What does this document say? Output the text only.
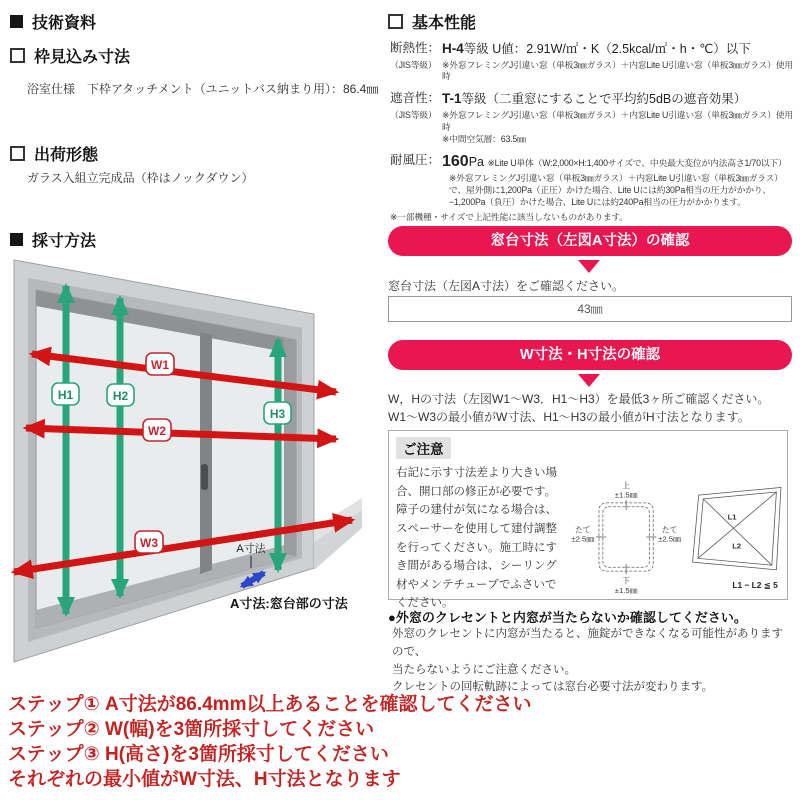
技術資料
枠見込み寸法
浴室仕様　下枠アタッチメント（ユニットバス納まり用）：86.4㎜
出荷形態
ガラス入組立完成品（枠はノックダウン）
採寸方法
H1	H2
H3
W1
W2
W3	A寸法
A寸法:窓台部の寸法
基本性能
断熱性： H-4等級 U値：2.91W/㎡・K（2.5kcal/㎡・h・℃）以下
（JIS等級） ※外窓フレミングJ引違い窓（単板3㎜ガラス）＋内窓Lite U引違い窓（単板3㎜ガラス）使用時
遮音性： T-1等級（二重窓にすることで平均約5dBの遮音効果）
（JIS等級） ※外窓フレミングJ引違い窓（単板3㎜ガラス）＋内窓Lite U引違い窓（単板3㎜ガラス）使用時
※中間空気層：63.5㎜
耐風圧： 160Pa ※Lite U単体（W:2,000×H:1,400サイズで、中央最大変位が内法高さ1/70以下）
※外窓フレミングJ引違い窓（単板3㎜ガラス）＋内窓Lite U引違い窓（単板3㎜ガラス）で、屋外側に1,200Pa（正圧）かけた場合、Lite Uには約30Pa相当の圧力がかかり、−1,200Pa（負圧）かけた場合、Lite Uには約240Pa相当の圧力がかかります。
※一部機種・サイズで上記性能に該当しないものがあります。
窓台寸法（左図A寸法）の確認
窓台寸法（左図A寸法）をご確認ください。
43㎜
W寸法・H寸法の確認
W，Hの寸法（左図W1～W3．H1～H3）を最低3ヶ所ご確認ください。
W1～W3の最小値がW寸法、H1～H3の最小値がH寸法となります。
ご注意
右記に示す寸法差より大きい場合、開口部の修正が必要です。障子の建付が気になる場合は、スペーサーを使用して建付調整を行ってください。施工時にすき間がある場合は、シーリング材やメンテチューブでふさいでください。
上
±1.5㎜
下
±1.5㎜
たて
±2.5㎜
たて
±2.5㎜
L1
L2
L1 − L2 ≦ 5
●外窓のクレセントと内窓が当たらないか確認してください。
外窓のクレセントに内窓が当たると、施錠ができなくなる可能性がありますので、
当たらないようにご注意ください。
クレセントの回転軌跡によっては窓台必要寸法が変わります。
ステップ① A寸法が86.4mm以上あることを確認してください
ステップ② W(幅)を3箇所採寸してください
ステップ③ H(高さ)を3箇所採寸してください
それぞれの最小値がW寸法、H寸法となります
